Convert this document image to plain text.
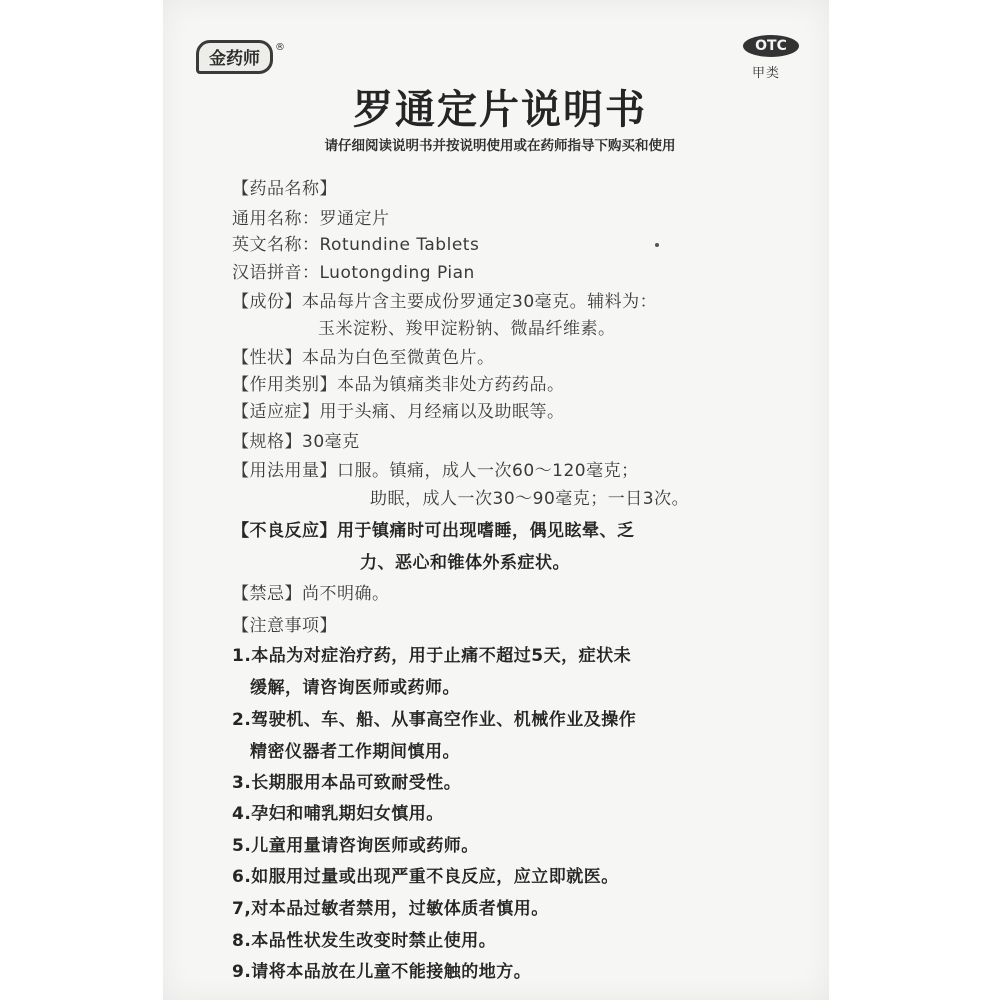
金药师
®	OTC
甲类
罗通定片说明书
请仔细阅读说明书并按说明使用或在药师指导下购买和使用
【药品名称】
通用名称：罗通定片
英文名称：Rotundine Tablets
汉语拼音：Luotongding Pian
【成份】本品每片含主要成份罗通定30毫克。辅料为：
玉米淀粉、羧甲淀粉钠、微晶纤维素。
【性状】本品为白色至微黄色片。
【作用类别】本品为镇痛类非处方药药品。
【适应症】用于头痛、月经痛以及助眠等。
【规格】30毫克
【用法用量】口服。镇痛，成人一次60～120毫克；
助眠，成人一次30～90毫克；一日3次。
【不良反应】用于镇痛时可出现嗜睡，偶见眩晕、乏
力、恶心和锥体外系症状。
【禁忌】尚不明确。
【注意事项】
1.本品为对症治疗药，用于止痛不超过5天，症状未
缓解，请咨询医师或药师。
2.驾驶机、车、船、从事高空作业、机械作业及操作
精密仪器者工作期间慎用。
3.长期服用本品可致耐受性。
4.孕妇和哺乳期妇女慎用。
5.儿童用量请咨询医师或药师。
6.如服用过量或出现严重不良反应，应立即就医。
7,对本品过敏者禁用，过敏体质者慎用。
8.本品性状发生改变时禁止使用。
9.请将本品放在儿童不能接触的地方。
